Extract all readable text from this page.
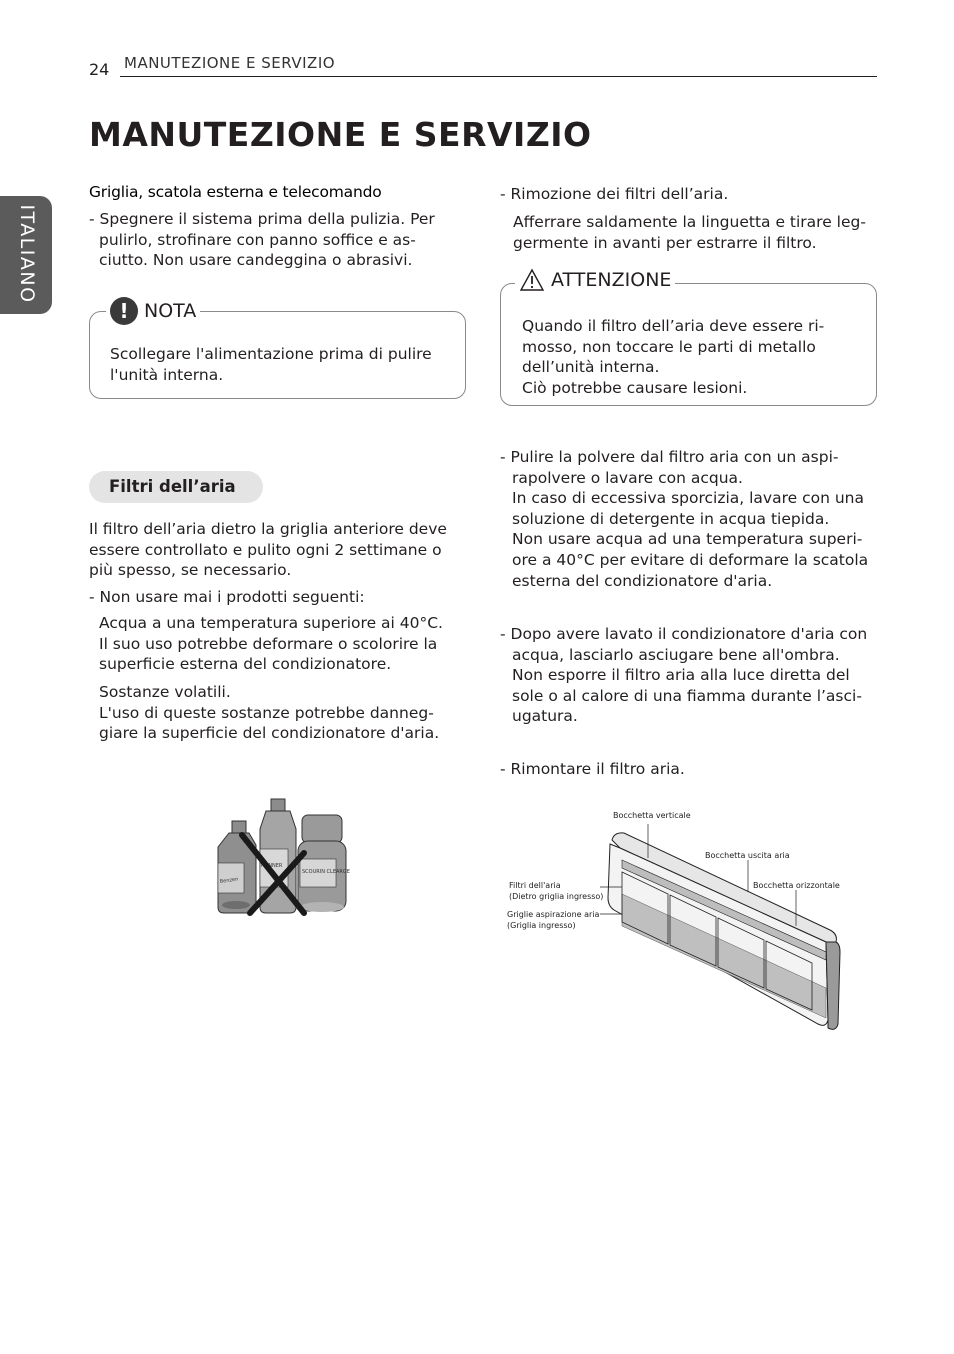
24 MANUTEZIONE E SERVIZIO
MANUTEZIONE E SERVIZIO
ITALIANO
Griglia, scatola esterna e telecomando
- Spegnere il sistema prima della pulizia. Per
pulirlo, strofinare con panno soffice e as-
ciutto. Non usare candeggina o abrasivi.
! NOTA
Scollegare l'alimentazione prima di pulire
l'unità interna.
Filtri dell’aria
Il filtro dell’aria dietro la griglia anteriore deve
essere controllato e pulito ogni 2 settimane o
più spesso, se necessario.
- Non usare mai i prodotti seguenti:
Acqua a una temperatura superiore ai 40°C.
Il suo uso potrebbe deformare o scolorire la
superficie esterna del condizionatore.
Sostanze volatili.
L'uso di queste sostanze potrebbe danneg-
giare la superficie del condizionatore d'aria.
Benzen
THINNER
SCOURIN CLEARGE
- Rimozione dei filtri dell’aria.
Afferrare saldamente la linguetta e tirare leg-
germente in avanti per estrarre il filtro.
ATTENZIONE
Quando il filtro dell’aria deve essere ri-
mosso, non toccare le parti di metallo
dell’unità interna.
Ciò potrebbe causare lesioni.
- Pulire la polvere dal filtro aria con un aspi-
rapolvere o lavare con acqua.
In caso di eccessiva sporcizia, lavare con una
soluzione di detergente in acqua tiepida.
Non usare acqua ad una temperatura superi-
ore a 40°C per evitare di deformare la scatola
esterna del condizionatore d'aria.
- Dopo avere lavato il condizionatore d'aria con
acqua, lasciarlo asciugare bene all'ombra.
Non esporre il filtro aria alla luce diretta del
sole o al calore di una fiamma durante l’asci-
ugatura.
- Rimontare il filtro aria.
Bocchetta verticale
Bocchetta uscita aria
Bocchetta orizzontale
Filtri dell'aria
(Dietro griglia ingresso)
Griglie aspirazione aria
(Griglia ingresso)
